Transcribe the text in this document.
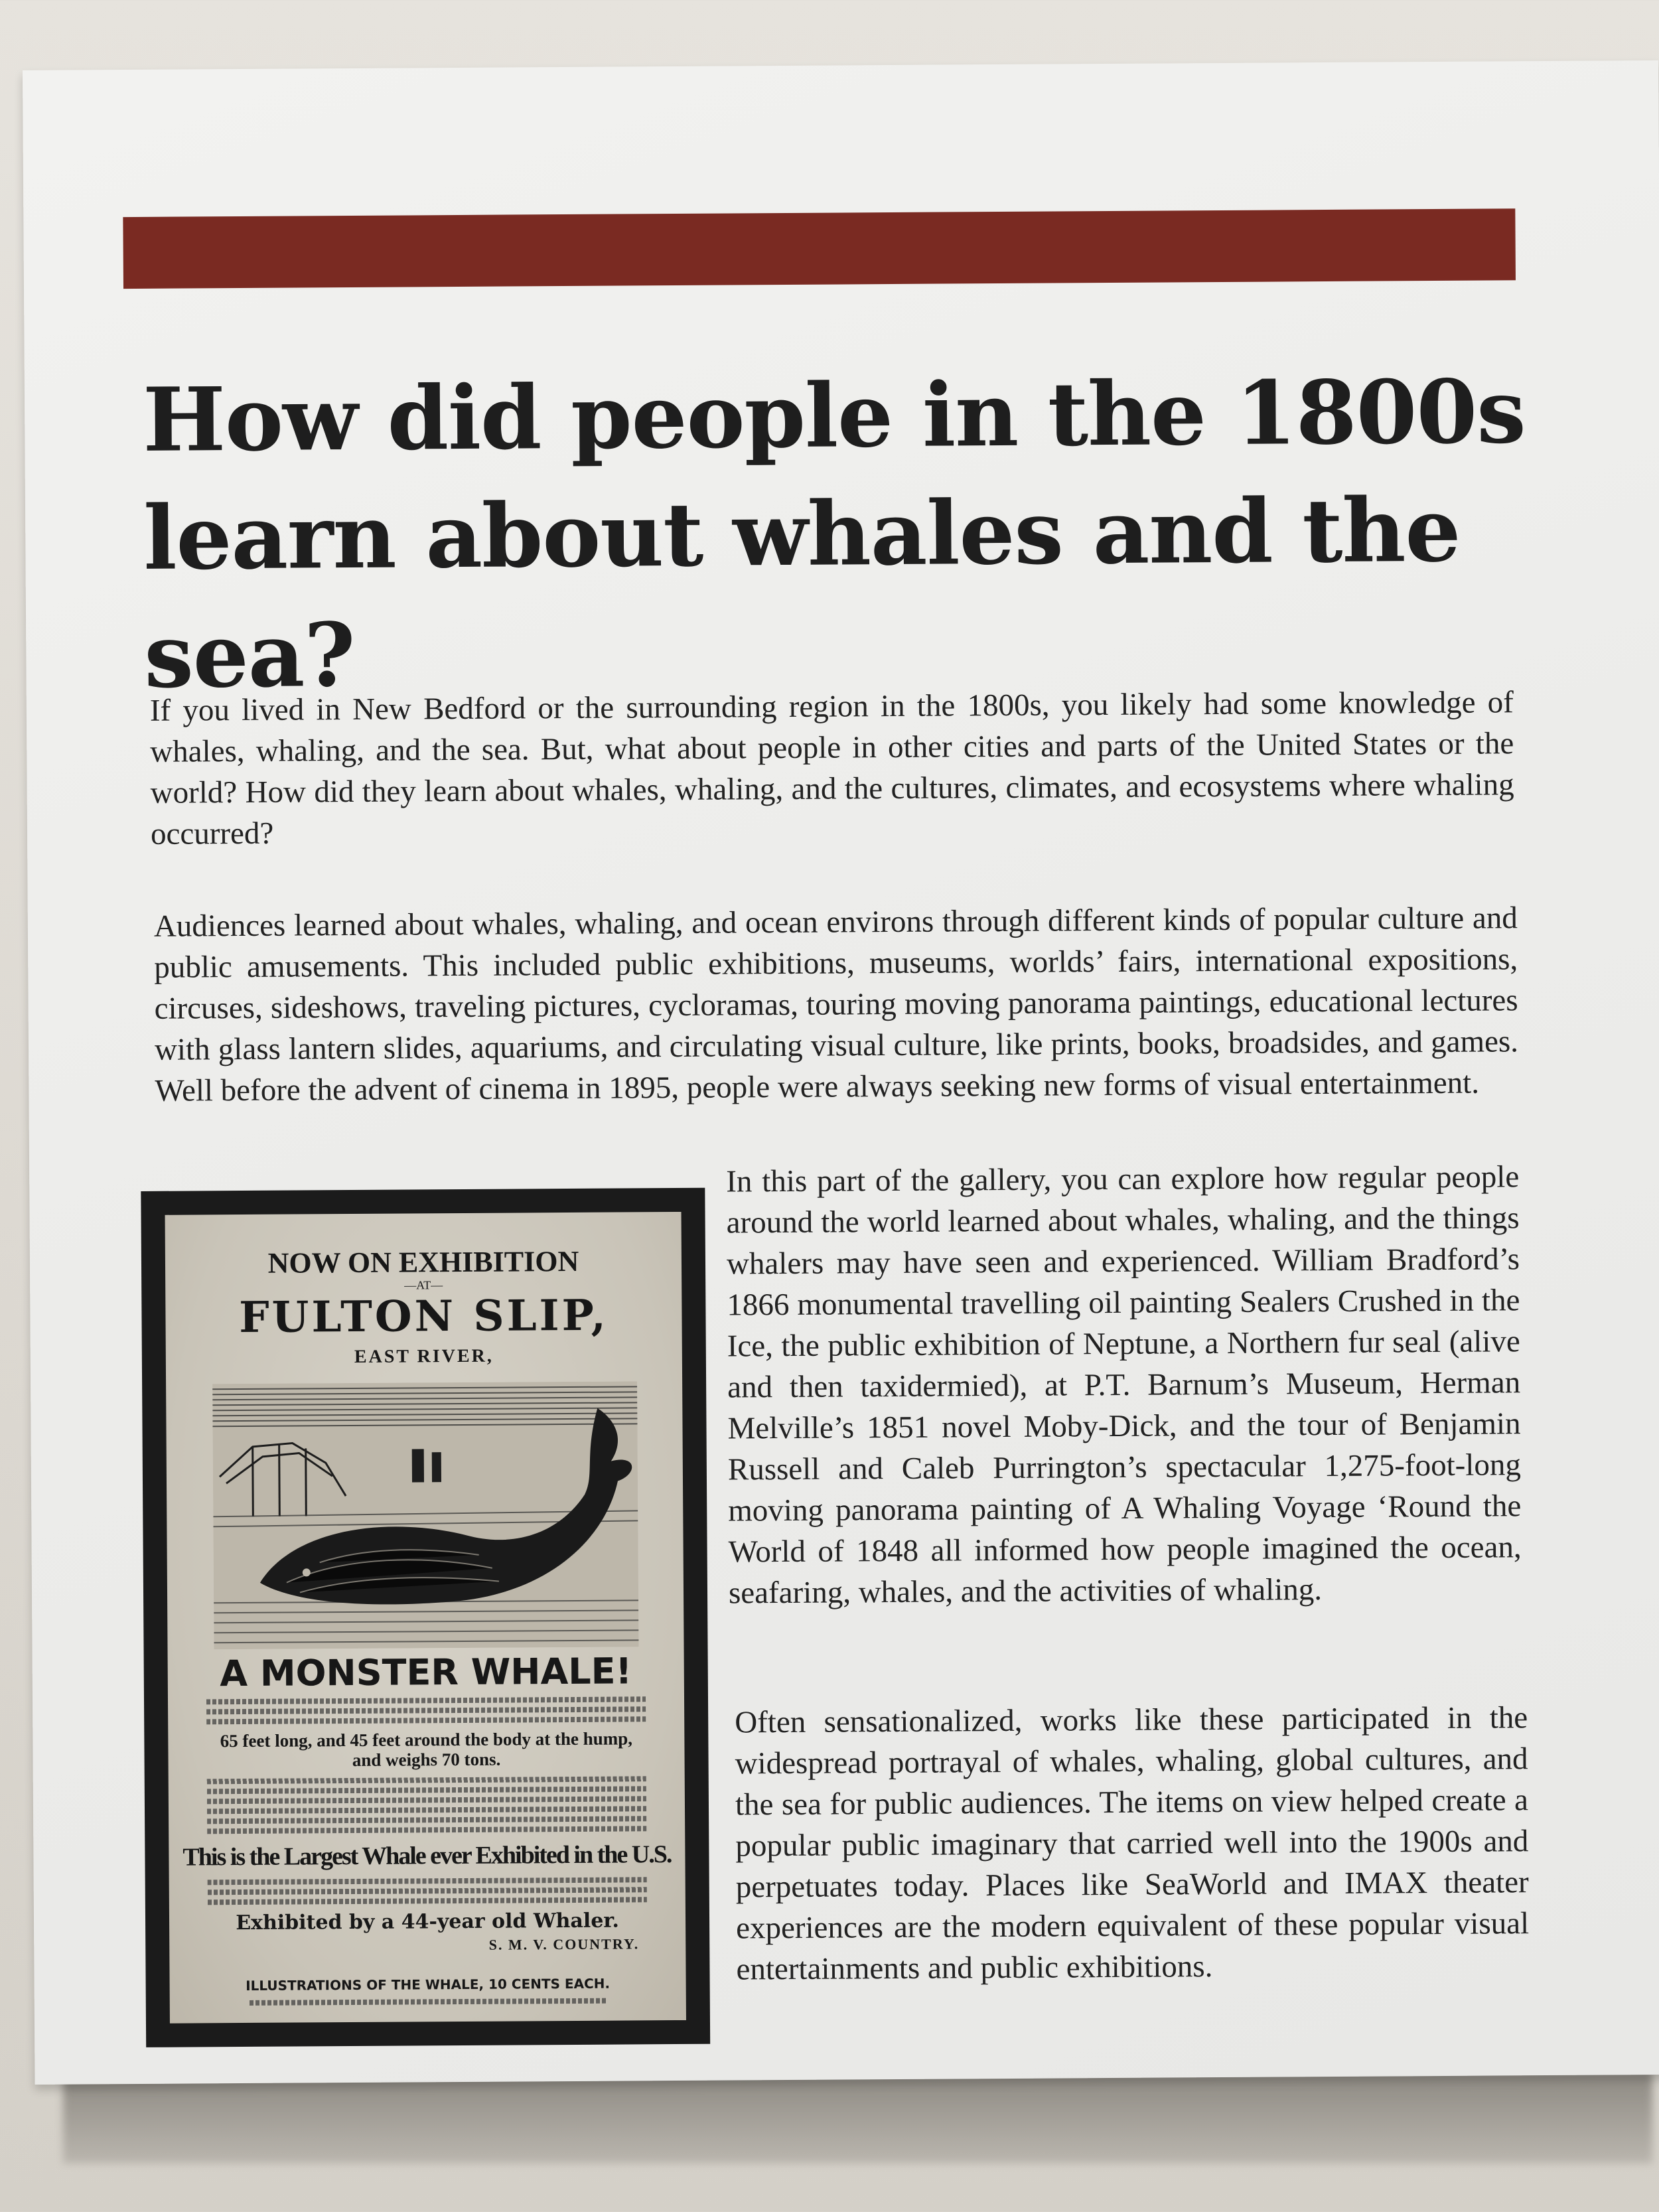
How did people in the 1800s
learn about whales and the sea?

If you lived in New Bedford or the surrounding region in the 1800s, you likely had some knowledge of whales, whaling, and the sea. But, what about people in other cities and parts of the United States or the world? How did they learn about whales, whaling, and the cultures, climates, and ecosystems where whaling occurred?

Audiences learned about whales, whaling, and ocean environs through different kinds of popular culture and public amusements. This included public exhibitions, museums, worlds’ fairs, international expositions, circuses, sideshows, traveling pictures, cycloramas, touring moving panorama paintings, educational lectures with glass lantern slides, aquariums, and circulating visual culture, like prints, books, broadsides, and games. Well before the advent of cinema in 1895, people were always seeking new forms of visual entertainment.

In this part of the gallery, you can explore how regular people around the world learned about whales, whaling, and the things whalers may have seen and experienced. William Bradford’s 1866 monumental travelling oil painting Sealers Crushed in the Ice, the public exhibition of Neptune, a Northern fur seal (alive and then taxidermied), at P.T. Barnum’s Museum, Herman Melville’s 1851 novel Moby-Dick, and the tour of Benjamin Russell and Caleb Purrington’s spectacular 1,275-foot-long moving panorama painting of A Whaling Voyage ‘Round the World of 1848 all informed how people imagined the ocean, seafaring, whales, and the activities of whaling.

Often sensationalized, works like these participated in the widespread portrayal of whales, whaling, global cultures, and the sea for public audiences. The items on view helped create a popular public imaginary that carried well into the 1900s and perpetuates today. Places like SeaWorld and IMAX theater experiences are the modern equivalent of these popular visual entertainments and public exhibitions.

NOW ON EXHIBITION
—AT—
FULTON SLIP,
EAST RIVER,
A MONSTER WHALE!
65 feet long, and 45 feet around the body at the hump, and weighs 70 tons.
This is the Largest Whale ever Exhibited in the U.S.
Exhibited by a 44-year old Whaler.
S. M. V. COUNTRY.
ILLUSTRATIONS OF THE WHALE, 10 CENTS EACH.
